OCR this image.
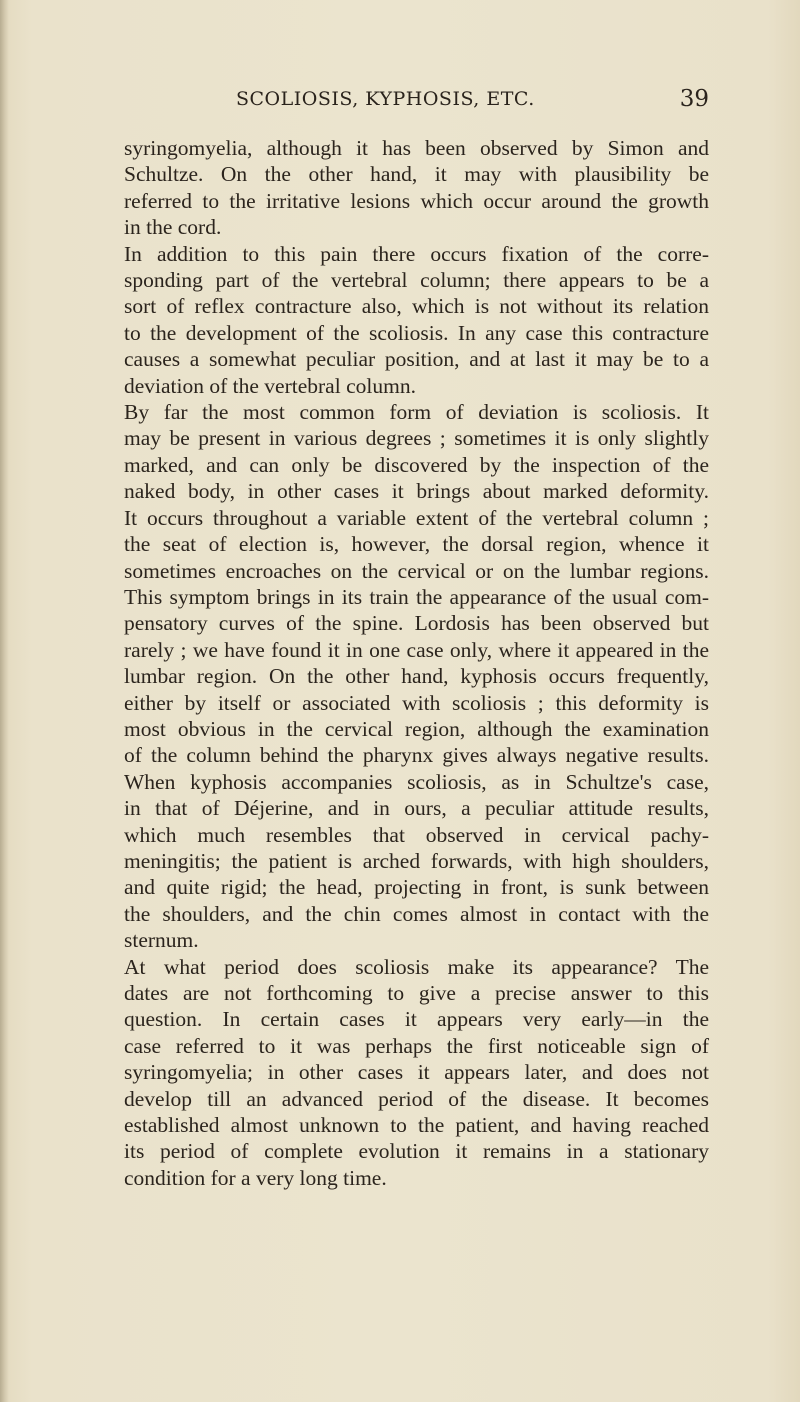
SCOLIOSIS, KYPHOSIS, ETC.	39
syringomyelia, although it has been observed by Simon and
Schultze. On the other hand, it may with plausibility be
referred to the irritative lesions which occur around the growth
in the cord.
In addition to this pain there occurs fixation of the corre-
sponding part of the vertebral column; there appears to be a
sort of reflex contracture also, which is not without its relation
to the development of the scoliosis. In any case this contracture
causes a somewhat peculiar position, and at last it may be to a
deviation of the vertebral column.
By far the most common form of deviation is scoliosis. It
may be present in various degrees ; sometimes it is only slightly
marked, and can only be discovered by the inspection of the
naked body, in other cases it brings about marked deformity.
It occurs throughout a variable extent of the vertebral column ;
the seat of election is, however, the dorsal region, whence it
sometimes encroaches on the cervical or on the lumbar regions.
This symptom brings in its train the appearance of the usual com-
pensatory curves of the spine. Lordosis has been observed but
rarely ; we have found it in one case only, where it appeared in the
lumbar region. On the other hand, kyphosis occurs frequently,
either by itself or associated with scoliosis ; this deformity is
most obvious in the cervical region, although the examination
of the column behind the pharynx gives always negative results.
When kyphosis accompanies scoliosis, as in Schultze's case,
in that of Déjerine, and in ours, a peculiar attitude results,
which much resembles that observed in cervical pachy-
meningitis; the patient is arched forwards, with high shoulders,
and quite rigid; the head, projecting in front, is sunk between
the shoulders, and the chin comes almost in contact with the
sternum.
At what period does scoliosis make its appearance? The
dates are not forthcoming to give a precise answer to this
question. In certain cases it appears very early—in the
case referred to it was perhaps the first noticeable sign of
syringomyelia; in other cases it appears later, and does not
develop till an advanced period of the disease. It becomes
established almost unknown to the patient, and having reached
its period of complete evolution it remains in a stationary
condition for a very long time.
